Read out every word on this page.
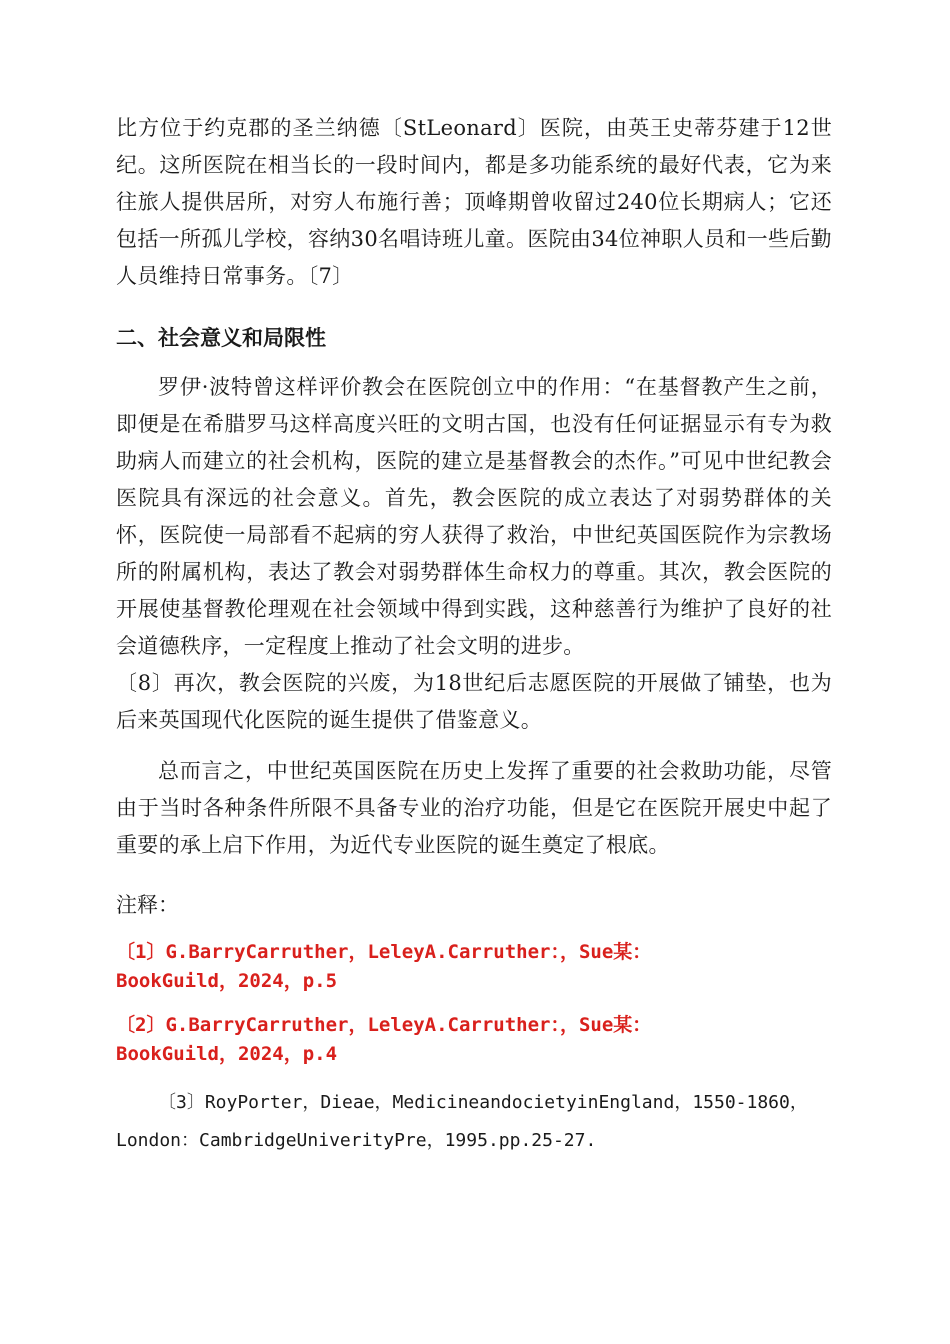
比方位于约克郡的圣兰纳德〔StLeonard〕医院，由英王史蒂芬建于12世纪。这所医院在相当长的一段时间内，都是多功能系统的最好代表，它为来往旅人提供居所，对穷人布施行善；顶峰期曾收留过240位长期病人；它还包括一所孤儿学校，容纳30名唱诗班儿童。医院由34位神职人员和一些后勤人员维持日常事务。〔7〕

二、社会意义和局限性

罗伊·波特曾这样评价教会在医院创立中的作用：“在基督教产生之前，即便是在希腊罗马这样高度兴旺的文明古国，也没有任何证据显示有专为救助病人而建立的社会机构，医院的建立是基督教会的杰作。”可见中世纪教会医院具有深远的社会意义。首先，教会医院的成立表达了对弱势群体的关怀，医院使一局部看不起病的穷人获得了救治，中世纪英国医院作为宗教场所的附属机构，表达了教会对弱势群体生命权力的尊重。其次，教会医院的开展使基督教伦理观在社会领域中得到实践，这种慈善行为维护了良好的社会道德秩序，一定程度上推动了社会文明的进步。

〔8〕再次，教会医院的兴废，为18世纪后志愿医院的开展做了铺垫，也为后来英国现代化医院的诞生提供了借鉴意义。

总而言之，中世纪英国医院在历史上发挥了重要的社会救助功能，尽管由于当时各种条件所限不具备专业的治疗功能，但是它在医院开展史中起了重要的承上启下作用，为近代专业医院的诞生奠定了根底。

注释：

〔1〕G.BarryCarruther，LeleyA.Carruther：，Sue某：
BookGuild，2024，p.5
〔2〕G.BarryCarruther，LeleyA.Carruther：，Sue某：
BookGuild，2024，p.4

〔3〕RoyPorter，Dieae，MedicineandocietyinEngland，1550-1860，London：CambridgeUniverityPre，1995.pp.25-27.
